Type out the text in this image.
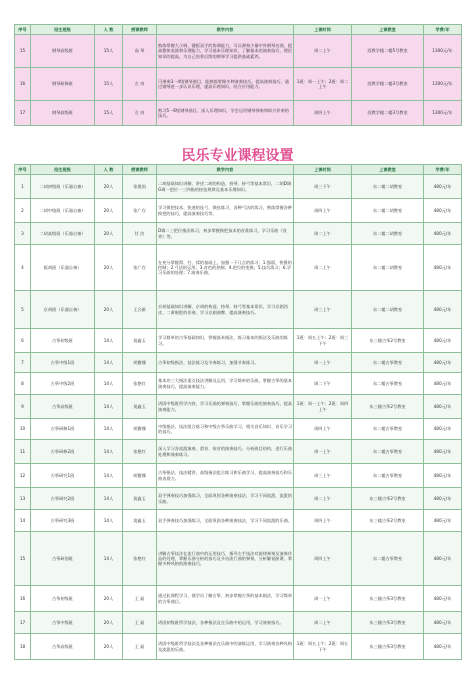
序号	招生班级	人 数	授课教师	教学内容	上课时间	上课教室	学费/年
15	钢琴高级班	15人	高 琴	熟练掌握大小调、键板双手的协调能力，可以弹奏少量中外钢琴名曲，提高整体表演和乐理能力，学习基本乐理知识，了解基本的演奏技巧，理论知识的提高，为自己培养后续的钢琴学习提供基础素养。	周二上午	西教学楼二楼5号教室	1300元/年
16	钢琴研修班	15人	左 冉	可弹奏3一4级钢琴曲目，能熟练掌握多种演奏技巧，提高演奏技巧，通过钢琴进一步认识乐理，提高乐理知识，结合应用能力。	1班：周一上午；2班：周二上午	西教学楼二楼3号教室	1300元/年
17	钢琴高级班	15人	左 冉	熟习5一6级钢琴曲目，深入乐理知识，学会运用钢琴弹奏和即兴伴奏的技巧。	周四上午	西教学楼二楼3号教室	1300元/年
民乐专业课程设置
序号	招生班级	人 数	授课教师	教学内容	上课时间	上课教室	学费/年
1	二胡初级班（乐器自备）	20人	张建国	二胡基础知识讲解，讲述二胡的构造、持琴、持弓等基本常识，二胡D调G调一把位一三四指的按弦规律及基本乐理知识。	周三下午	东二楼二胡教室	480元/年
2	二胡中级班（乐器自备）	20人	张广存	学习换把技术、快速的连弓、换弦练习、各种弓法的练习，熟练掌握各种换把的技巧，提高演奏技巧等。	周四上午	东二楼二胡教室	480元/年
3	二胡高级班（乐器自备）	20人	付 汝	D调二三把位指法练习，初步掌握换把技术的音准练习，学习乐曲《良宵》等。	周二上午	东二楼二胡教室	480元/年
4	板胡班（乐器自备）	20人	张广存	在充分掌握滑、打、揉的基础上，加强一下几点的练习：1.强弱、快慢的控制；2.弓法的运用；3.音色的控制；4.把位的变换；5.技巧练习；6.学习乐曲的处理；7.演奏乐曲。	周二上午	东二楼二胡教室	480元/年
5	京胡班（乐器自备）	20人	王合新	京胡基础知识讲解，京胡的构造，持琴、持弓等基本常识，学习京剧西皮、二黄唱腔的伴奏，学习京剧曲牌，提高演奏技巧。	周三上午	东二楼二胡教室	480元/年
6	古筝初级班	14人	莫鑫玉	学习简单的古筝基础知识，掌握基本指法，练习基本的指法及乐曲的练习。	1班：周五上午；2班：周三下午	东三楼古筝2号教室	480元/年
7	古筝中级1班	14人	胡微娜	古筝初级指法、技法练习及节奏练习，加强节奏练习。	周一上午	东二楼古筝教室	480元/年
8	古筝中级2班	14人	张艳红	基本功三大指法重点技法讲解及运用，学习简单的乐曲，掌握古筝的基本演奏技巧，提高演奏能力。	周二下午	东二楼古筝教室	480元/年
9	古筝高级班	14人	莫鑫玉	巩固中级班所学内容，学习乐曲的弹奏技巧，掌握乐曲的演奏技巧，提高演奏能力。	1班：周一上午；2班：周四上午	东三楼古筝2号教室	480元/年
10	古筝研修1班	14人	胡微娜	中级指法、技法组合练习和中级古筝乐曲学习，相关音乐知识、音乐学习的技巧。	周四上午	东二楼古筝教室	480元/年
11	古筝研修2班	14人	张艳红	深入学习各流派演奏、滑音、按音的演奏技巧，分析曲目结构，进行乐曲处理和演奏练习。	周一上午	东二楼古筝教室	480元/年
12	古筝研究1班	14人	胡微娜	古筝指法、技法精讲，高级指法组合练习和乐曲学习，提高演奏技巧和乐曲表现力。	周三上午	东二楼古筝教室	480元/年
13	古筝研究2班	14人	莫鑫玉	双手弹奏技巧加强练习，全面巩固各种演奏技法，学习不同流派、流派的乐曲。	周二上午	东三楼古筝2号教室	480元/年
14	古筝研究3班	14人	莫鑫玉	双手弹奏技巧加强练习，全面巩固各种演奏技法，学习不同流派的乐曲。	周四上午	东三楼古筝2号教室	480元/年
15	古筝研创班	14人	张艳红	讲解古筝技法在流行曲中的运用技巧，指导左手技法对旋律弹奏及演奏作品的处理，掌握乐曲分析的技巧及多首流行曲的弹奏，分析解说曲谱，掌握多种风格的演奏技巧。	周四上午	东二楼古筝教室	480元/年
16	古筝初级班	20人	王 磊	通过此课程学习，使学员了解古筝，初步掌握古筝的基本指法，学习简单的古筝曲目。	周一上午	东三楼古筝3号教室	480元/年
17	古筝中级班	20人	王 磊	巩固初级班所学技法，各种指法及在乐曲中的运用，学习演奏技巧。	周二上午	东三楼古筝3号教室	480元/年
18	古筝高级班	20人	王 磊	巩固中级班所学技法及各种指法在乐曲中的演练运用，学习演奏各种风格及流派的乐曲。	1班：周五上午；2班：周五下午	东三楼古筝3号教室	480元/年
